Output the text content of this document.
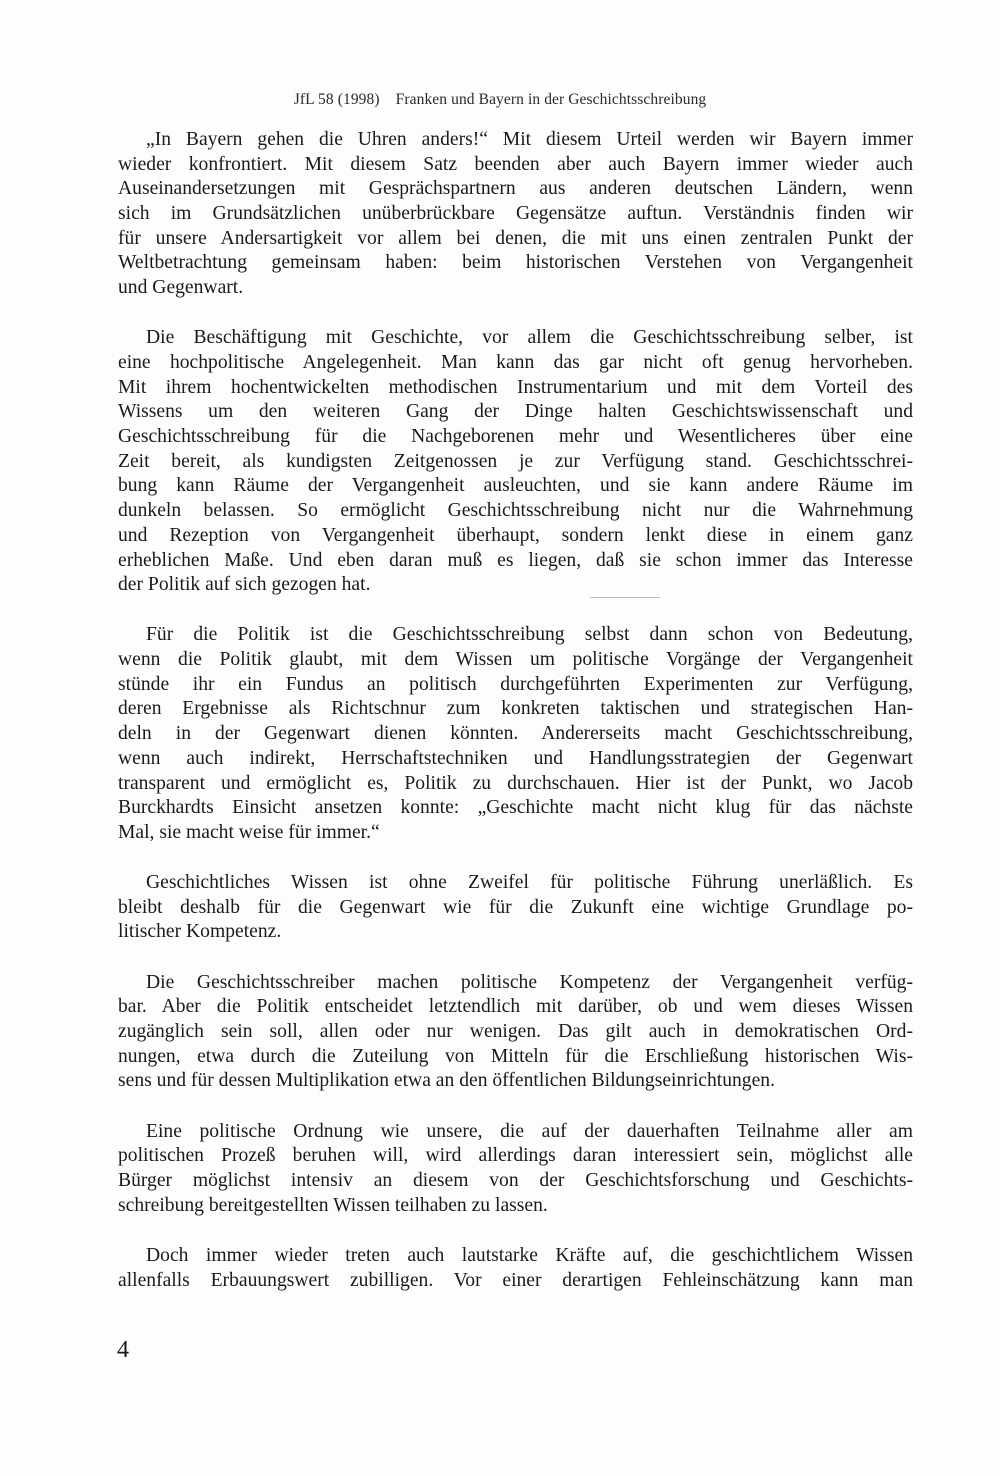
JfL 58 (1998) Franken und Bayern in der Geschichtsschreibung
„In Bayern gehen die Uhren anders!“ Mit diesem Urteil werden wir Bayern immer
wieder konfrontiert. Mit diesem Satz beenden aber auch Bayern immer wieder auch
Auseinandersetzungen mit Gesprächspartnern aus anderen deutschen Ländern, wenn
sich im Grundsätzlichen unüberbrückbare Gegensätze auftun. Verständnis finden wir
für unsere Andersartigkeit vor allem bei denen, die mit uns einen zentralen Punkt der
Weltbetrachtung gemeinsam haben: beim historischen Verstehen von Vergangenheit
und Gegenwart.
Die Beschäftigung mit Geschichte, vor allem die Geschichtsschreibung selber, ist
eine hochpolitische Angelegenheit. Man kann das gar nicht oft genug hervorheben.
Mit ihrem hochentwickelten methodischen Instrumentarium und mit dem Vorteil des
Wissens um den weiteren Gang der Dinge halten Geschichtswissenschaft und
Geschichtsschreibung für die Nachgeborenen mehr und Wesentlicheres über eine
Zeit bereit, als kundigsten Zeitgenossen je zur Verfügung stand. Geschichtsschrei-
bung kann Räume der Vergangenheit ausleuchten, und sie kann andere Räume im
dunkeln belassen. So ermöglicht Geschichtsschreibung nicht nur die Wahrnehmung
und Rezeption von Vergangenheit überhaupt, sondern lenkt diese in einem ganz
erheblichen Maße. Und eben daran muß es liegen, daß sie schon immer das Interesse
der Politik auf sich gezogen hat.
Für die Politik ist die Geschichtsschreibung selbst dann schon von Bedeutung,
wenn die Politik glaubt, mit dem Wissen um politische Vorgänge der Vergangenheit
stünde ihr ein Fundus an politisch durchgeführten Experimenten zur Verfügung,
deren Ergebnisse als Richtschnur zum konkreten taktischen und strategischen Han-
deln in der Gegenwart dienen könnten. Andererseits macht Geschichtsschreibung,
wenn auch indirekt, Herrschaftstechniken und Handlungsstrategien der Gegenwart
transparent und ermöglicht es, Politik zu durchschauen. Hier ist der Punkt, wo Jacob
Burckhardts Einsicht ansetzen konnte: „Geschichte macht nicht klug für das nächste
Mal, sie macht weise für immer.“
Geschichtliches Wissen ist ohne Zweifel für politische Führung unerläßlich. Es
bleibt deshalb für die Gegenwart wie für die Zukunft eine wichtige Grundlage po-
litischer Kompetenz.
Die Geschichtsschreiber machen politische Kompetenz der Vergangenheit verfüg-
bar. Aber die Politik entscheidet letztendlich mit darüber, ob und wem dieses Wissen
zugänglich sein soll, allen oder nur wenigen. Das gilt auch in demokratischen Ord-
nungen, etwa durch die Zuteilung von Mitteln für die Erschließung historischen Wis-
sens und für dessen Multiplikation etwa an den öffentlichen Bildungseinrichtungen.
Eine politische Ordnung wie unsere, die auf der dauerhaften Teilnahme aller am
politischen Prozeß beruhen will, wird allerdings daran interessiert sein, möglichst alle
Bürger möglichst intensiv an diesem von der Geschichtsforschung und Geschichts-
schreibung bereitgestellten Wissen teilhaben zu lassen.
Doch immer wieder treten auch lautstarke Kräfte auf, die geschichtlichem Wissen
allenfalls Erbauungswert zubilligen. Vor einer derartigen Fehleinschätzung kann man
4
